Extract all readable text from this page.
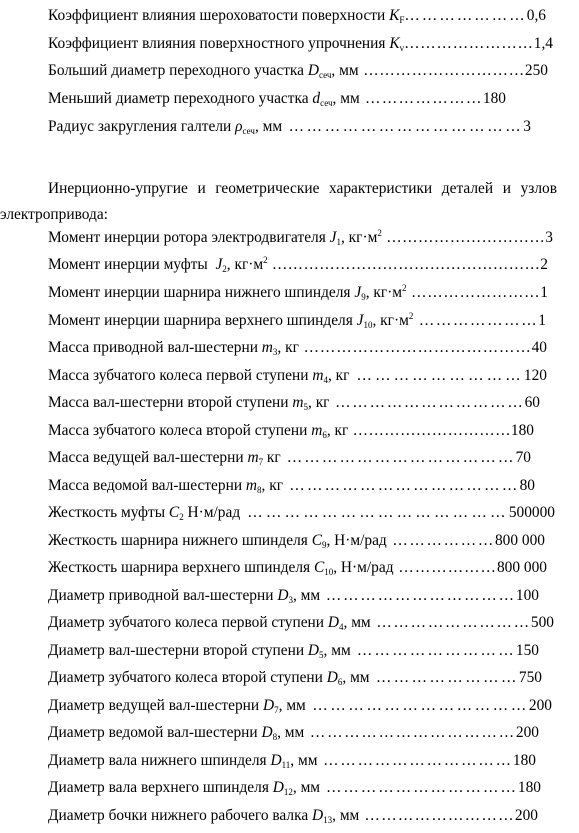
Инерционно-упругие и геометрические характеристики деталей и узлов
электропривода:
Коэффициент влияния шероховатости поверхности $K_F\dots\dots\dots\dots\dots\dots\dots 0,6$
Коэффициент влияния поверхностного упрочнения $K_v\dots\dots\dots\dots\dots\dots\dots\dots 1,4$
Больший диаметр переходного участка $D_{сеч}$, мм …………………………250
Меньший диаметр переходного участка $d_{сеч}$, мм …………………180
Радиус закругления галтели $\rho_{сеч}$, мм …………………………………3
Момент инерции ротора электродвигателя $J_1$, $кг\cdot м^2$ …………………………3
Момент инерции муфты  $J_2$, $кг\cdot м^2$ ……………………………………………2
Момент инерции шарнира нижнего шпинделя $J_9$, $кг\cdot м^2$ ……………………1
Момент инерции шарнира верхнего шпинделя $J_{10}$, $кг\cdot м^2$ …………………1
Масса приводной вал-шестерни $m_3$, кг ……………………………………40
Масса зубчатого колеса первой ступени $m_4$, кг ………………………120
Масса вал-шестерни второй ступени $m_5$, кг ……………………………60
Масса зубчатого колеса второй ступени $m_6$, кг …………………………180
Масса ведущей вал-шестерни $m_7$ кг …………………………………70
Масса ведомой вал-шестерни $m_8$, кг …………………………………80
Жесткость муфты $C_2$ Н·м/рад ……………………………………500000
Жесткость шарнира нижнего шпинделя $C_9$, Н·м/рад ………………800 000
Жесткость шарнира верхнего шпинделя $C_{10}$, Н·м/рад ………………800 000
Диаметр приводной вал-шестерни $D_3$, мм ……………………………100
Диаметр зубчатого колеса первой ступени $D_4$, мм ………………………500
Диаметр вал-шестерни второй ступени $D_5$, мм ………………………150
Диаметр зубчатого колеса второй ступени $D_6$, мм ……………………750
Диаметр ведущей вал-шестерни $D_7$, мм ………………………………200
Диаметр ведомой вал-шестерни $D_8$, мм ………………………………200
Диаметр вала нижнего шпинделя $D_{11}$, мм ……………………………180
Диаметр вала верхнего шпинделя $D_{12}$, мм ……………………………180
Диаметр бочки нижнего рабочего валка $D_{13}$, мм ………………………200
